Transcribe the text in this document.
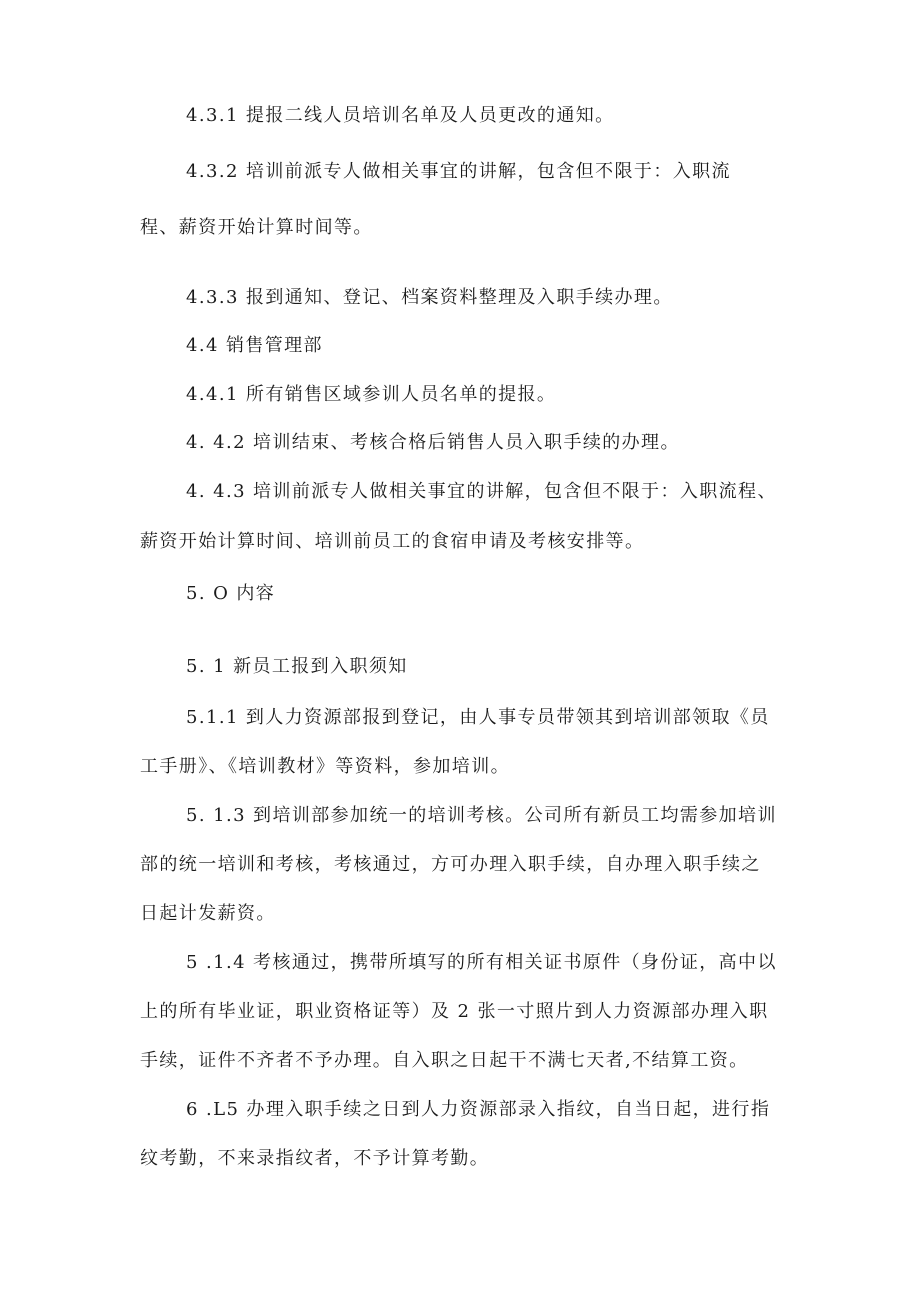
4.3.1 提报二线人员培训名单及人员更改的通知。
4.3.2 培训前派专人做相关事宜的讲解，包含但不限于：入职流
程、薪资开始计算时间等。
4.3.3 报到通知、登记、档案资料整理及入职手续办理。
4.4 销售管理部
4.4.1 所有销售区域参训人员名单的提报。
4. 4.2 培训结束、考核合格后销售人员入职手续的办理。
4. 4.3 培训前派专人做相关事宜的讲解，包含但不限于：入职流程、
薪资开始计算时间、培训前员工的食宿申请及考核安排等。
5. O 内容
5. 1 新员工报到入职须知
5.1.1 到人力资源部报到登记，由人事专员带领其到培训部领取《员
工手册》、《培训教材》等资料，参加培训。
5. 1.3 到培训部参加统一的培训考核。公司所有新员工均需参加培训
部的统一培训和考核，考核通过，方可办理入职手续，自办理入职手续之
日起计发薪资。
5 .1.4 考核通过，携带所填写的所有相关证书原件（身份证，高中以
上的所有毕业证，职业资格证等）及 2 张一寸照片到人力资源部办理入职
手续，证件不齐者不予办理。自入职之日起干不满七天者,不结算工资。
6 .L5 办理入职手续之日到人力资源部录入指纹，自当日起，进行指
纹考勤，不来录指纹者，不予计算考勤。
